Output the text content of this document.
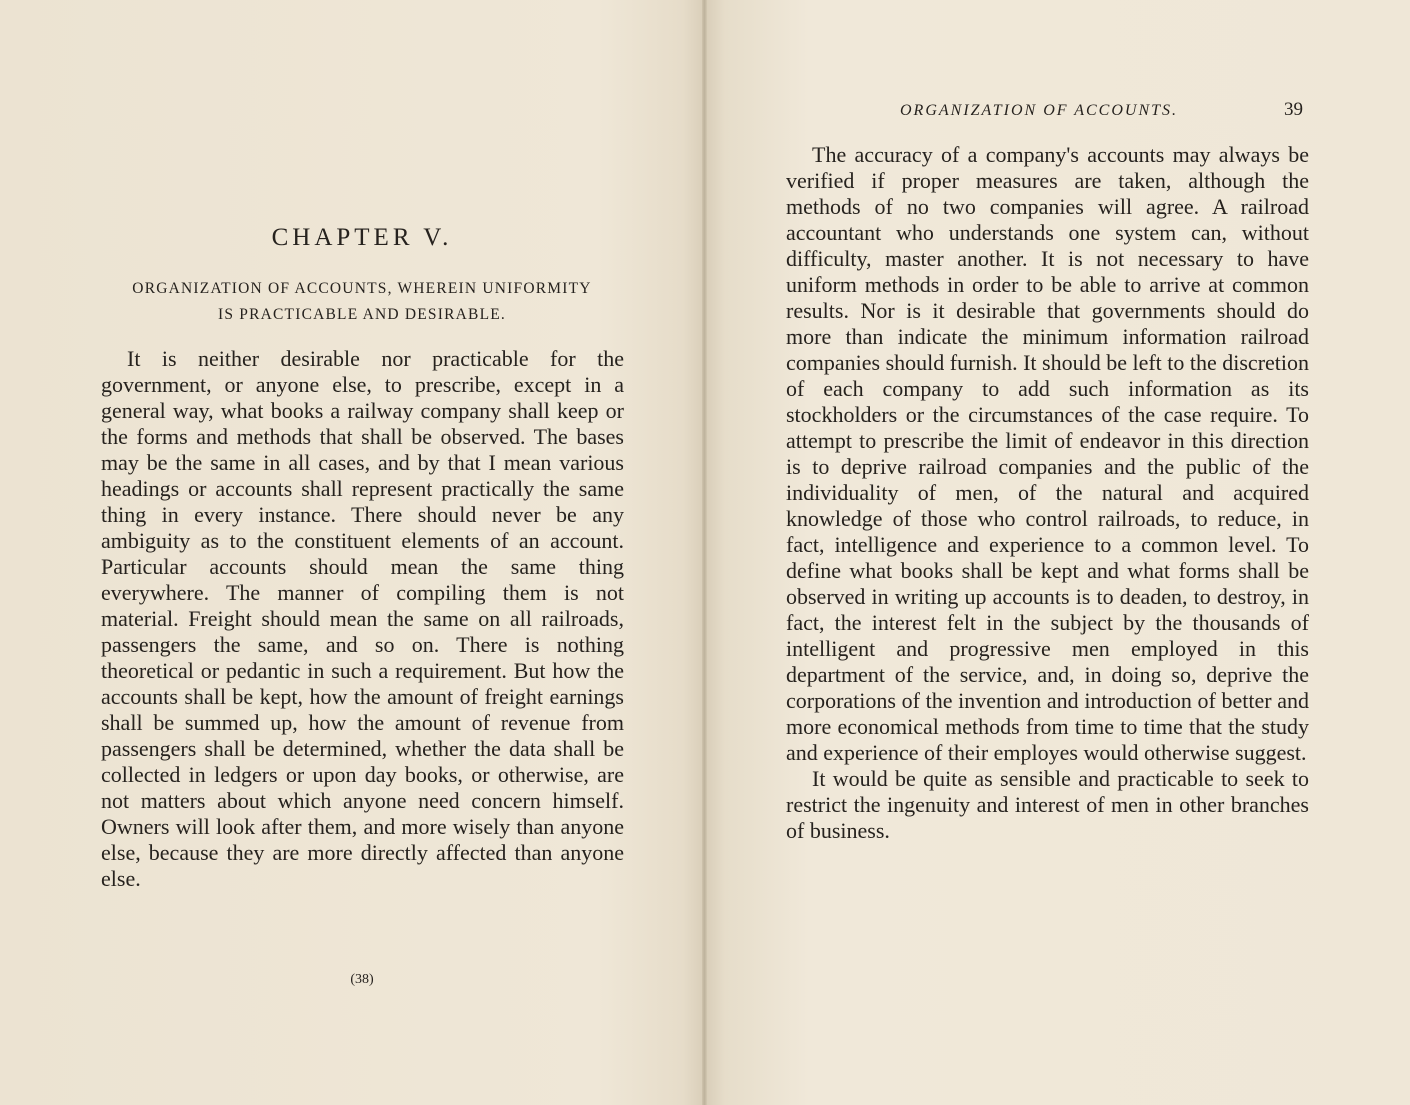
CHAPTER V.
ORGANIZATION OF ACCOUNTS, WHEREIN UNIFORMITY
IS PRACTICABLE AND DESIRABLE.

It is neither desirable nor practicable for the government, or anyone else, to prescribe, except in a general way, what books a railway company shall keep or the forms and methods that shall be observed. The bases may be the same in all cases, and by that I mean various headings or accounts shall represent practically the same thing in every instance. There should never be any ambiguity as to the constituent elements of an account. Particular accounts should mean the same thing everywhere. The manner of compiling them is not material. Freight should mean the same on all railroads, passengers the same, and so on. There is nothing theoretical or pedantic in such a requirement. But how the accounts shall be kept, how the amount of freight earnings shall be summed up, how the amount of revenue from passengers shall be determined, whether the data shall be collected in ledgers or upon day books, or otherwise, are not matters about which anyone need concern himself. Owners will look after them, and more wisely than anyone else, because they are more directly affected than anyone else.

(38)
ORGANIZATION OF ACCOUNTS.	39

The accuracy of a company's accounts may always be verified if proper measures are taken, although the methods of no two companies will agree. A railroad accountant who understands one system can, without difficulty, master another. It is not necessary to have uniform methods in order to be able to arrive at common results. Nor is it desirable that governments should do more than indicate the minimum information railroad companies should furnish. It should be left to the discretion of each company to add such information as its stockholders or the circumstances of the case require. To attempt to prescribe the limit of endeavor in this direction is to deprive railroad companies and the public of the individuality of men, of the natural and acquired knowledge of those who control railroads, to reduce, in fact, intelligence and experience to a common level. To define what books shall be kept and what forms shall be observed in writing up accounts is to deaden, to destroy, in fact, the interest felt in the subject by the thousands of intelligent and progressive men employed in this department of the service, and, in doing so, deprive the corporations of the invention and introduction of better and more economical methods from time to time that the study and experience of their employes would otherwise suggest.

It would be quite as sensible and practicable to seek to restrict the ingenuity and interest of men in other branches of business.
